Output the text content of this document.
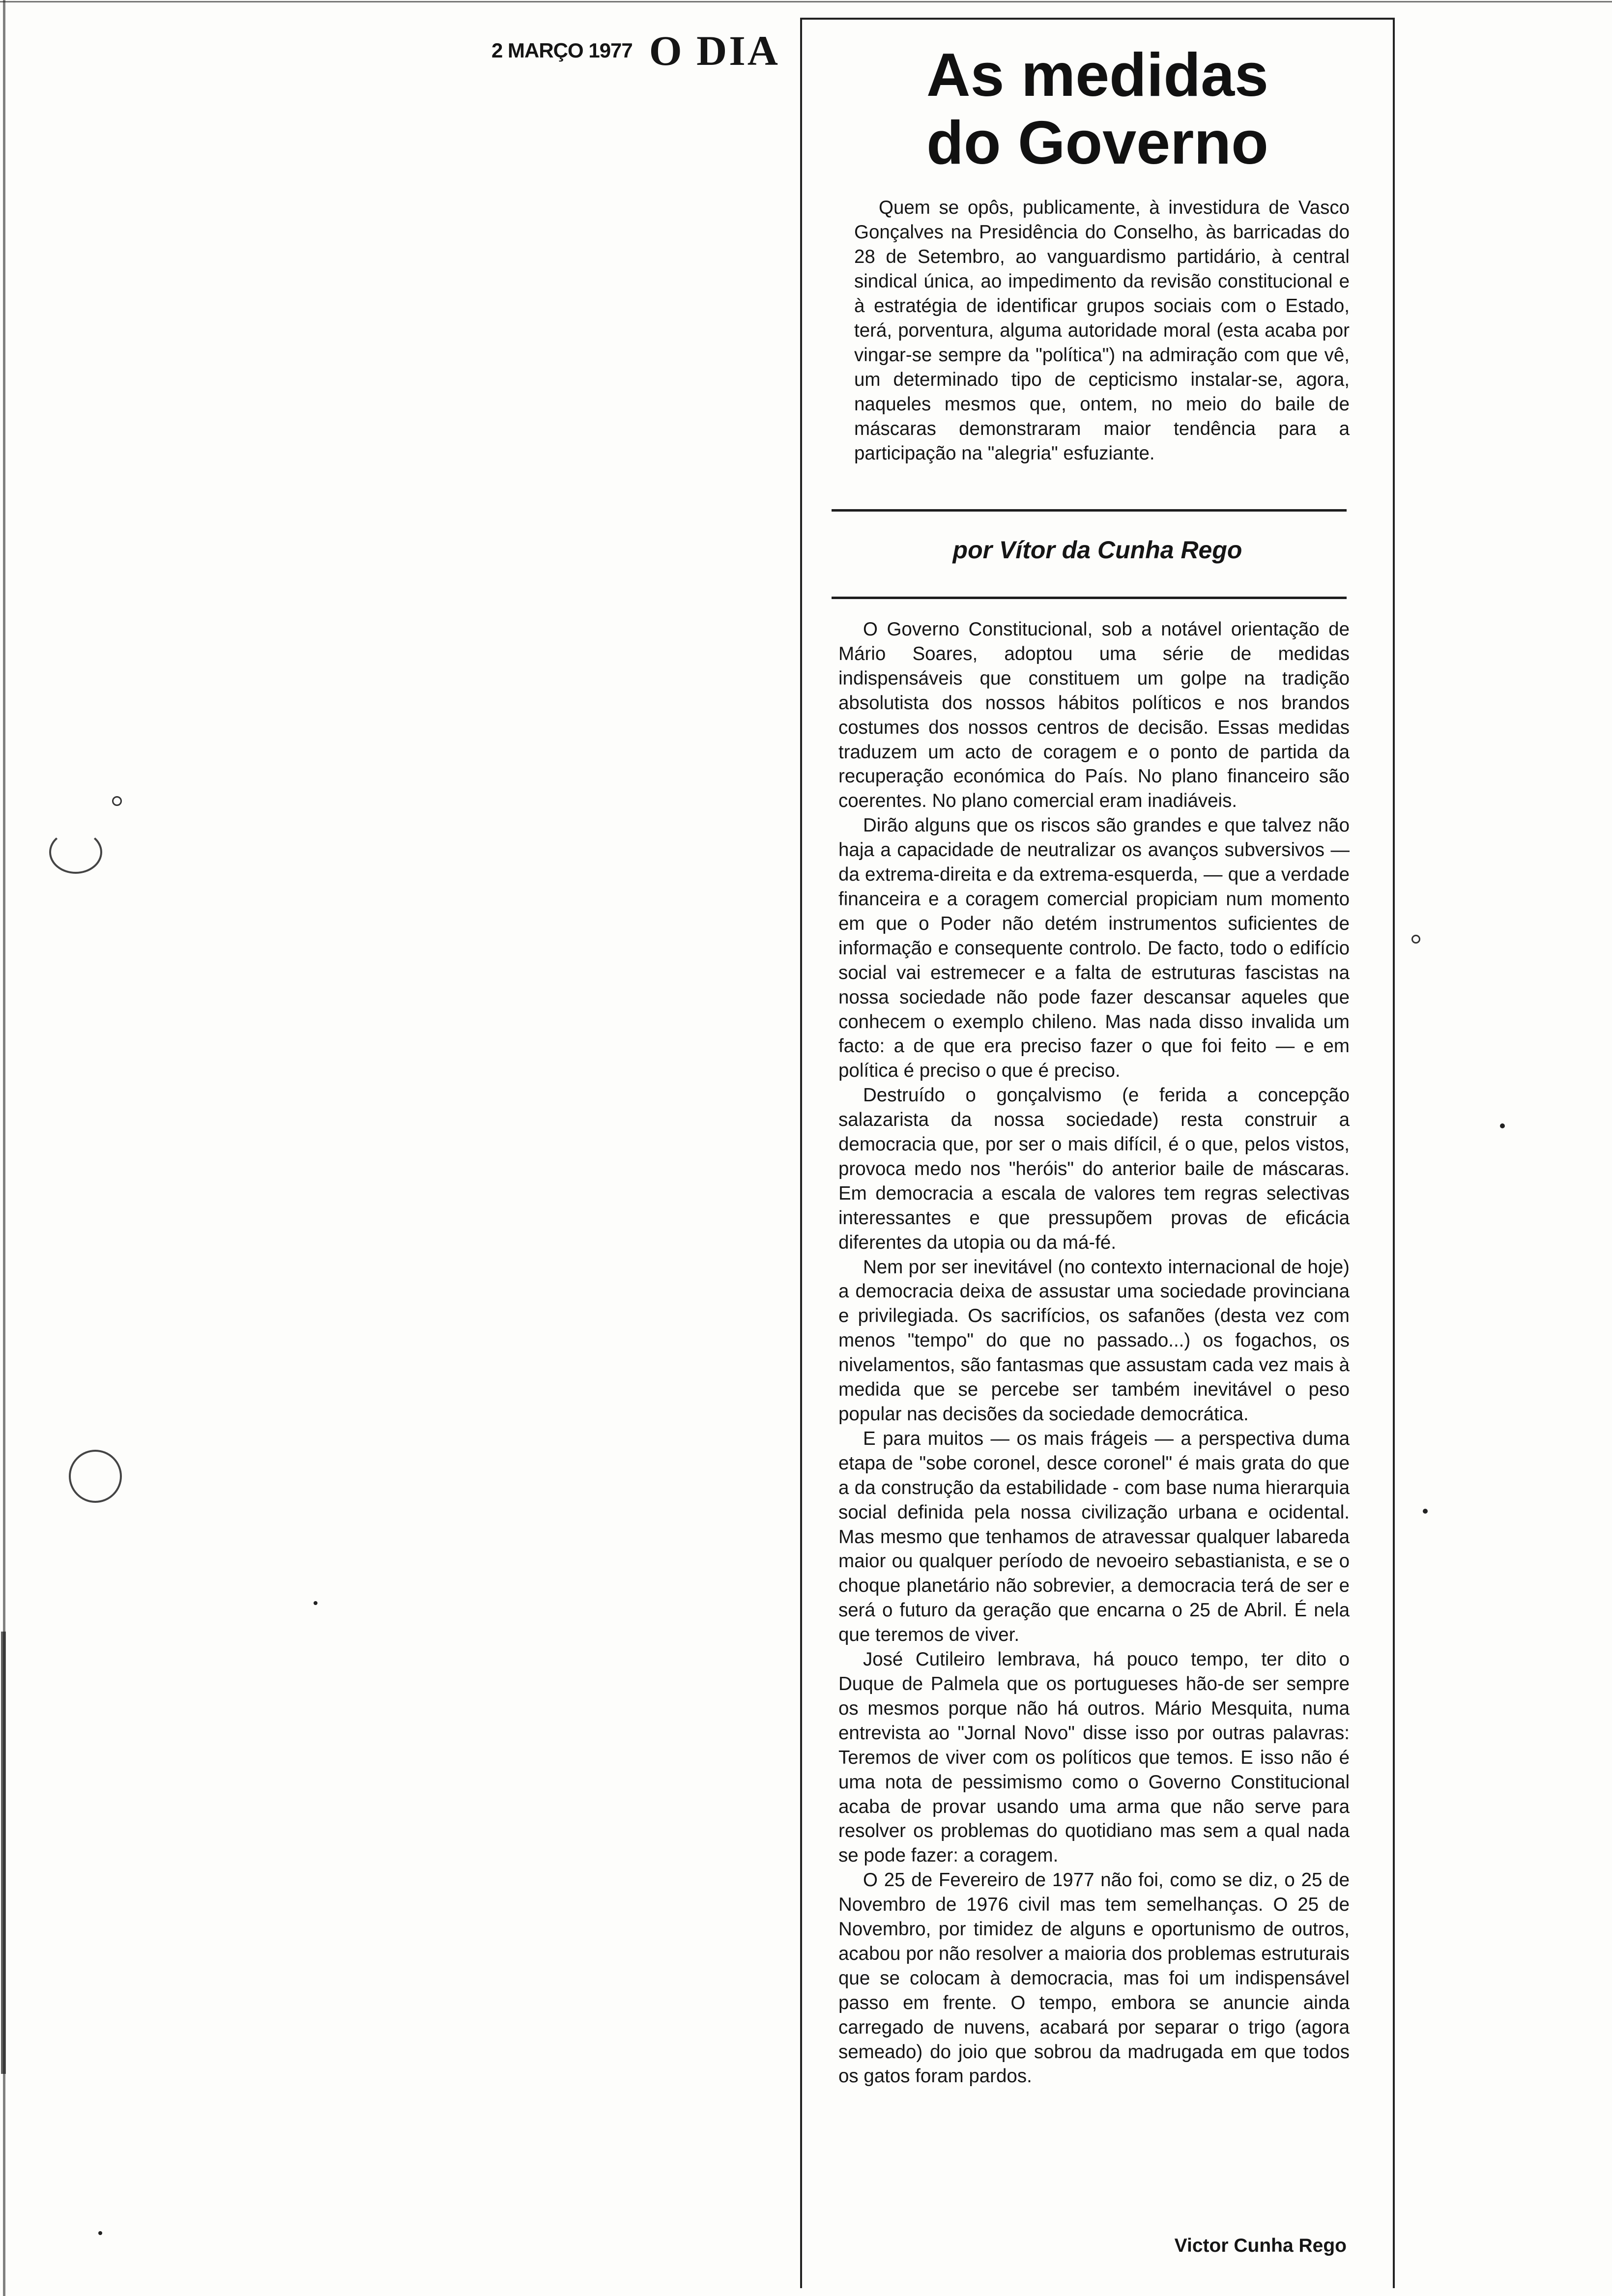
2 MARÇO 1977 O DIA	As medidas
do Governo

Quem se opôs, publicamente, à investidura de Vasco Gonçalves na Presidência do Conselho, às barricadas do 28 de Setembro, ao vanguardismo partidário, à central sindical única, ao impedimento da revisão constitucional e à estratégia de identificar grupos sociais com o Estado, terá, porventura, alguma autoridade moral (esta acaba por vingar-se sempre da "política") na admiração com que vê, um determinado tipo de cepticismo instalar-se, agora, naqueles mesmos que, ontem, no meio do baile de máscaras demonstraram maior tendência para a participação na "alegria" esfuziante.

por Vítor da Cunha Rego

O Governo Constitucional, sob a notável orientação de Mário Soares, adoptou uma série de medidas indispensáveis que constituem um golpe na tradição absolutista dos nossos hábitos políticos e nos brandos costumes dos nossos centros de decisão. Essas medidas traduzem um acto de coragem e o ponto de partida da recuperação económica do País. No plano financeiro são coerentes. No plano comercial eram inadiáveis.

Dirão alguns que os riscos são grandes e que talvez não haja a capacidade de neutralizar os avanços subversivos — da extrema-direita e da extrema-esquerda, — que a verdade financeira e a coragem comercial propiciam num momento em que o Poder não detém instrumentos suficientes de informação e consequente controlo. De facto, todo o edifício social vai estremecer e a falta de estruturas fascistas na nossa sociedade não pode fazer descansar aqueles que conhecem o exemplo chileno. Mas nada disso invalida um facto: a de que era preciso fazer o que foi feito — e em política é preciso o que é preciso.

Destruído o gonçalvismo (e ferida a concepção salazarista da nossa sociedade) resta construir a democracia que, por ser o mais difícil, é o que, pelos vistos, provoca medo nos "heróis" do anterior baile de máscaras. Em democracia a escala de valores tem regras selectivas interessantes e que pressupõem provas de eficácia diferentes da utopia ou da má-fé.

Nem por ser inevitável (no contexto internacional de hoje) a democracia deixa de assustar uma sociedade provinciana e privilegiada. Os sacrifícios, os safanões (desta vez com menos "tempo" do que no passado...) os fogachos, os nivelamentos, são fantasmas que assustam cada vez mais à medida que se percebe ser também inevitável o peso popular nas decisões da sociedade democrática.

E para muitos — os mais frágeis — a perspectiva duma etapa de "sobe coronel, desce coronel" é mais grata do que a da construção da estabilidade - com base numa hierarquia social definida pela nossa civilização urbana e ocidental. Mas mesmo que tenhamos de atravessar qualquer labareda maior ou qualquer período de nevoeiro sebastianista, e se o choque planetário não sobrevier, a democracia terá de ser e será o futuro da geração que encarna o 25 de Abril. É nela que teremos de viver.

José Cutileiro lembrava, há pouco tempo, ter dito o Duque de Palmela que os portugueses hão-de ser sempre os mesmos porque não há outros. Mário Mesquita, numa entrevista ao "Jornal Novo" disse isso por outras palavras: Teremos de viver com os políticos que temos. E isso não é uma nota de pessimismo como o Governo Constitucional acaba de provar usando uma arma que não serve para resolver os problemas do quotidiano mas sem a qual nada se pode fazer: a coragem.

O 25 de Fevereiro de 1977 não foi, como se diz, o 25 de Novembro de 1976 civil mas tem semelhanças. O 25 de Novembro, por timidez de alguns e oportunismo de outros, acabou por não resolver a maioria dos problemas estruturais que se colocam à democracia, mas foi um indispensável passo em frente. O tempo, embora se anuncie ainda carregado de nuvens, acabará por separar o trigo (agora semeado) do joio que sobrou da madrugada em que todos os gatos foram pardos.

Victor Cunha Rego
